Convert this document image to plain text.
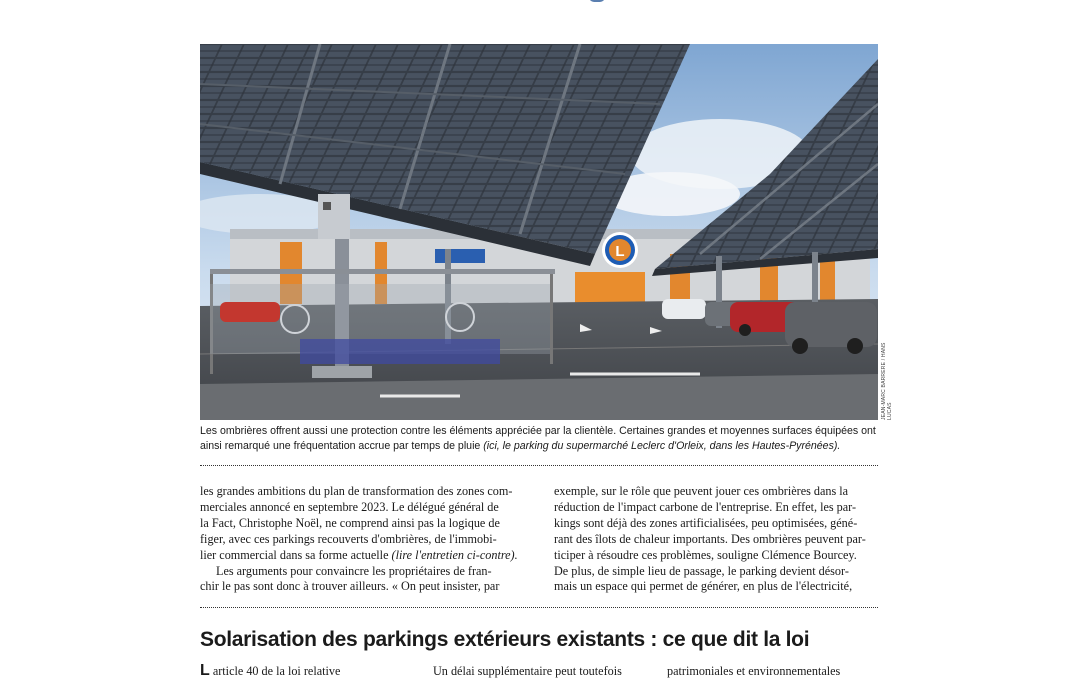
L
JEAN-MARC BARRERE / HANS LUCAS
Les ombrières offrent aussi une protection contre les éléments appréciée par la clientèle. Certaines grandes et moyennes surfaces équipées ont ainsi remarqué une fréquentation accrue par temps de pluie (ici, le parking du supermarché Leclerc d'Orleix, dans les Hautes-Pyrénées).
les grandes ambitions du plan de transformation des zones com-
merciales annoncé en septembre 2023. Le délégué général de
la Fact, Christophe Noël, ne comprend ainsi pas la logique de
figer, avec ces parkings recouverts d'ombrières, de l'immobi-
lier commercial dans sa forme actuelle (lire l'entretien ci-contre).
Les arguments pour convaincre les propriétaires de fran-
chir le pas sont donc à trouver ailleurs. « On peut insister, par
exemple, sur le rôle que peuvent jouer ces ombrières dans la
réduction de l'impact carbone de l'entreprise. En effet, les par-
kings sont déjà des zones artificialisées, peu optimisées, géné-
rant des îlots de chaleur importants. Des ombrières peuvent par-
ticiper à résoudre ces problèmes, souligne Clémence Bourcey.
De plus, de simple lieu de passage, le parking devient désor-
mais un espace qui permet de générer, en plus de l'électricité,
Solarisation des parkings extérieurs existants : ce que dit la loi
L article 40 de la loi relative	Un délai supplémentaire peut toutefois	patrimoniales et environnementales
